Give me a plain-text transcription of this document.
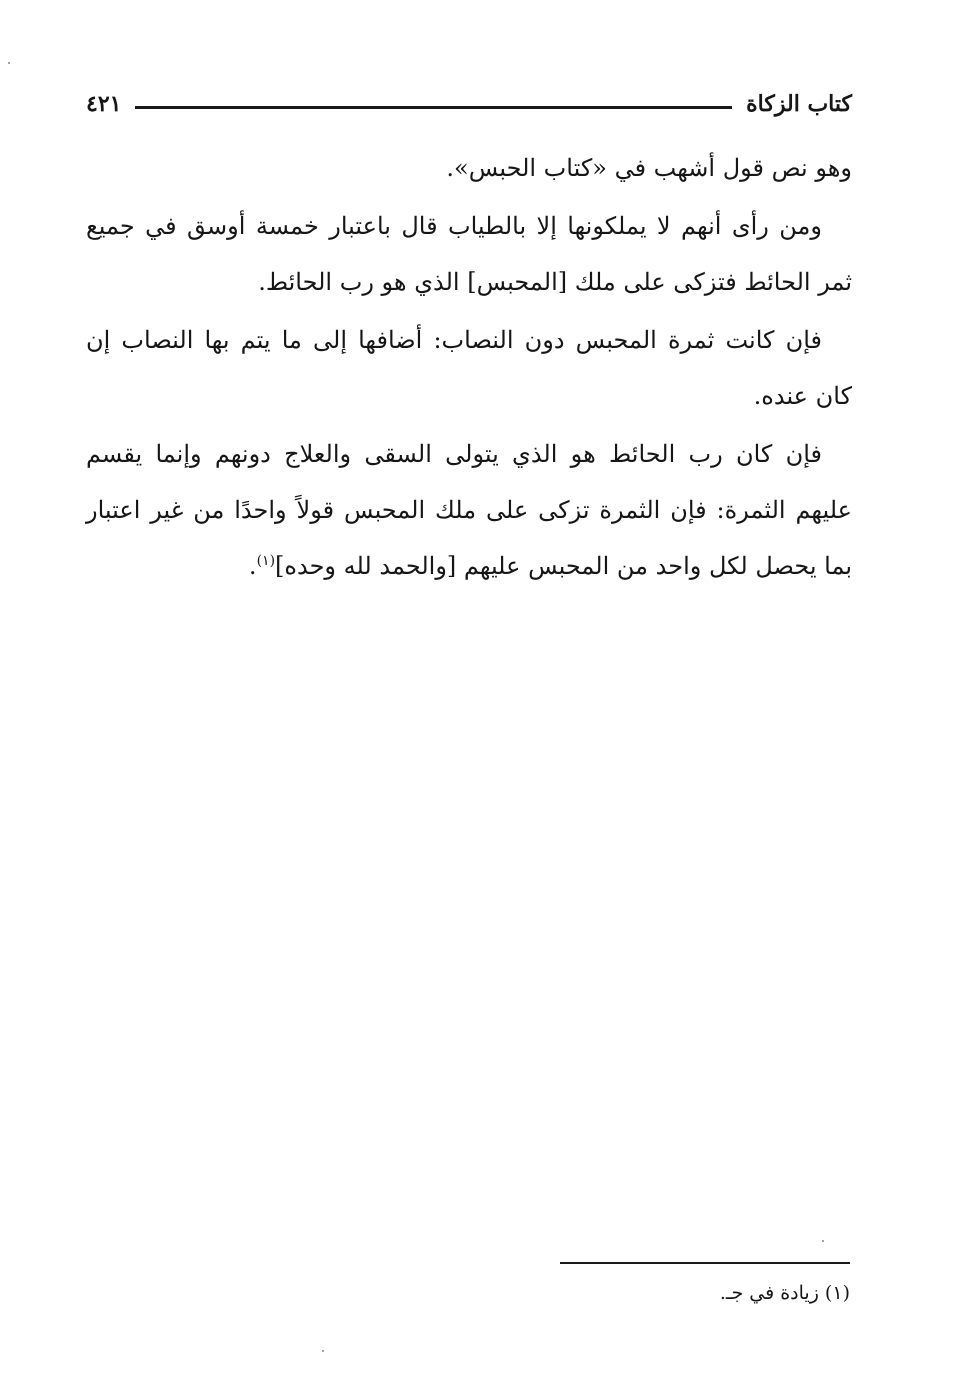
كتاب الزكاة
٤٢١

وهو نص قول أشهب في «كتاب الحبس».

ومن رأى أنهم لا يملكونها إلا بالطياب قال باعتبار خمسة أوسق في جميع ثمر الحائط فتزكى على ملك [المحبس] الذي هو رب الحائط.

فإن كانت ثمرة المحبس دون النصاب: أضافها إلى ما يتم بها النصاب إن كان عنده.

فإن كان رب الحائط هو الذي يتولى السقى والعلاج دونهم وإنما يقسم عليهم الثمرة: فإن الثمرة تزكى على ملك المحبس قولاً واحدًا من غير اعتبار بما يحصل لكل واحد من المحبس عليهم [والحمد لله وحده]$^{(١)}$.

(١) زيادة في جـ.
